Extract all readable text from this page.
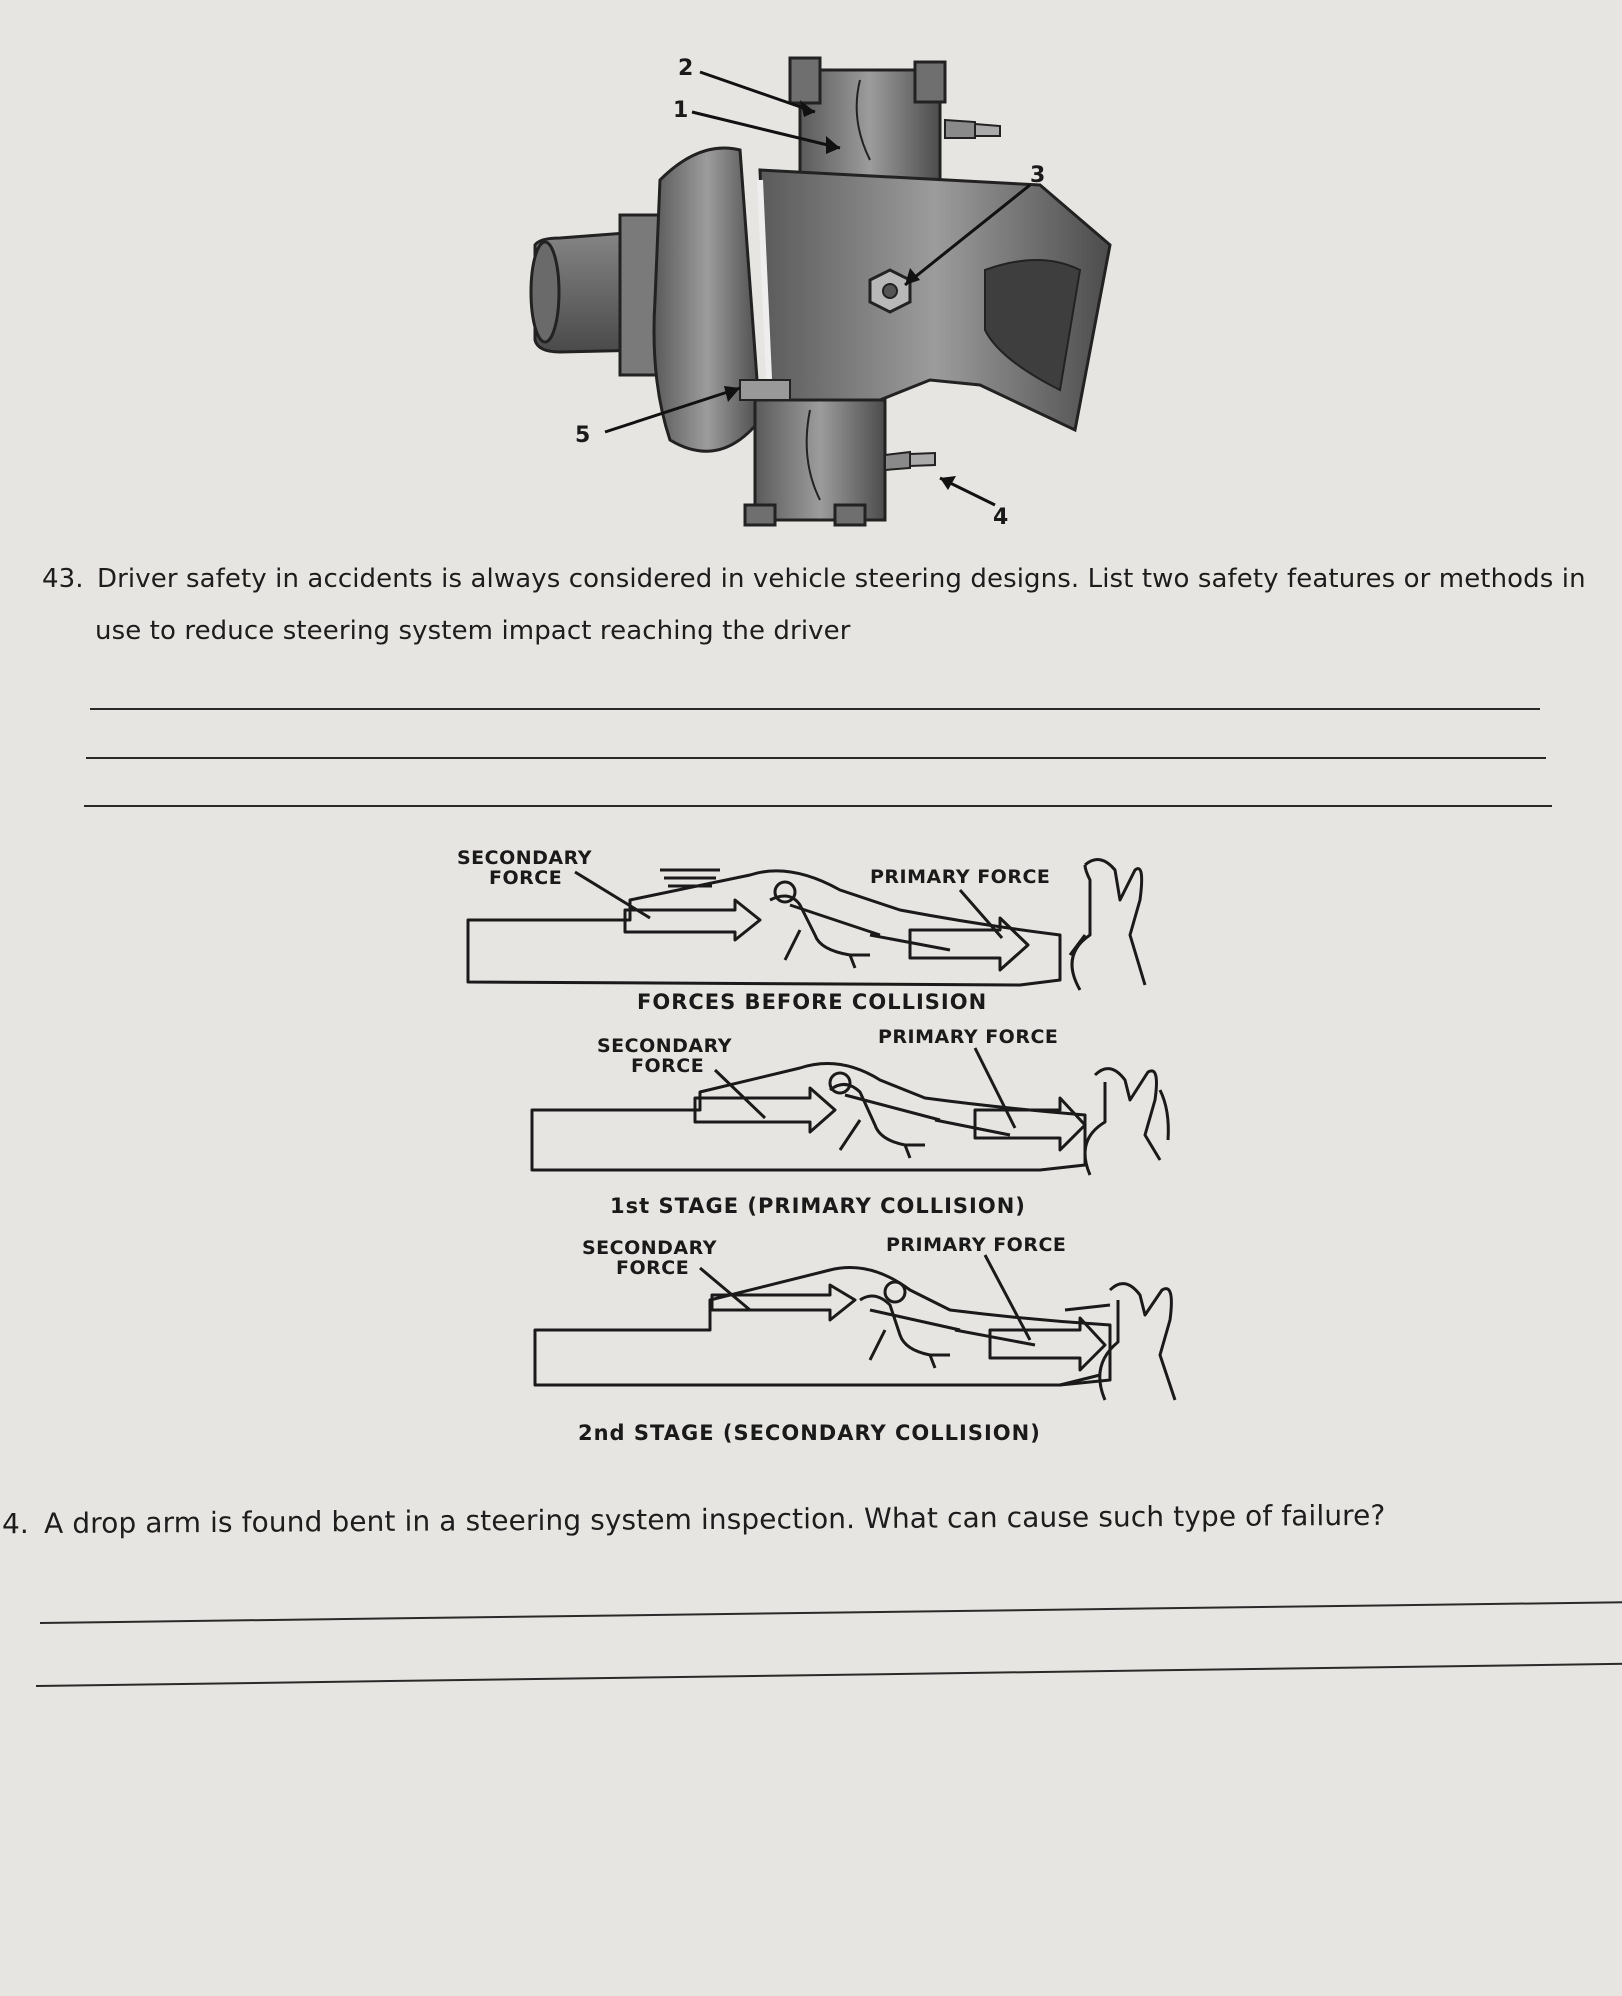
2
1
3
4
5
43. Driver safety in accidents is always considered in vehicle steering designs. List two safety features or methods in
use to reduce steering system impact reaching the driver
SECONDARY
FORCE	PRIMARY FORCE
FORCES BEFORE COLLISION
SECONDARY
FORCE
PRIMARY FORCE
1st STAGE (PRIMARY COLLISION)
SECONDARY
FORCE
PRIMARY FORCE
2nd STAGE (SECONDARY COLLISION)
4. A drop arm is found bent in a steering system inspection. What can cause such type of failure?
